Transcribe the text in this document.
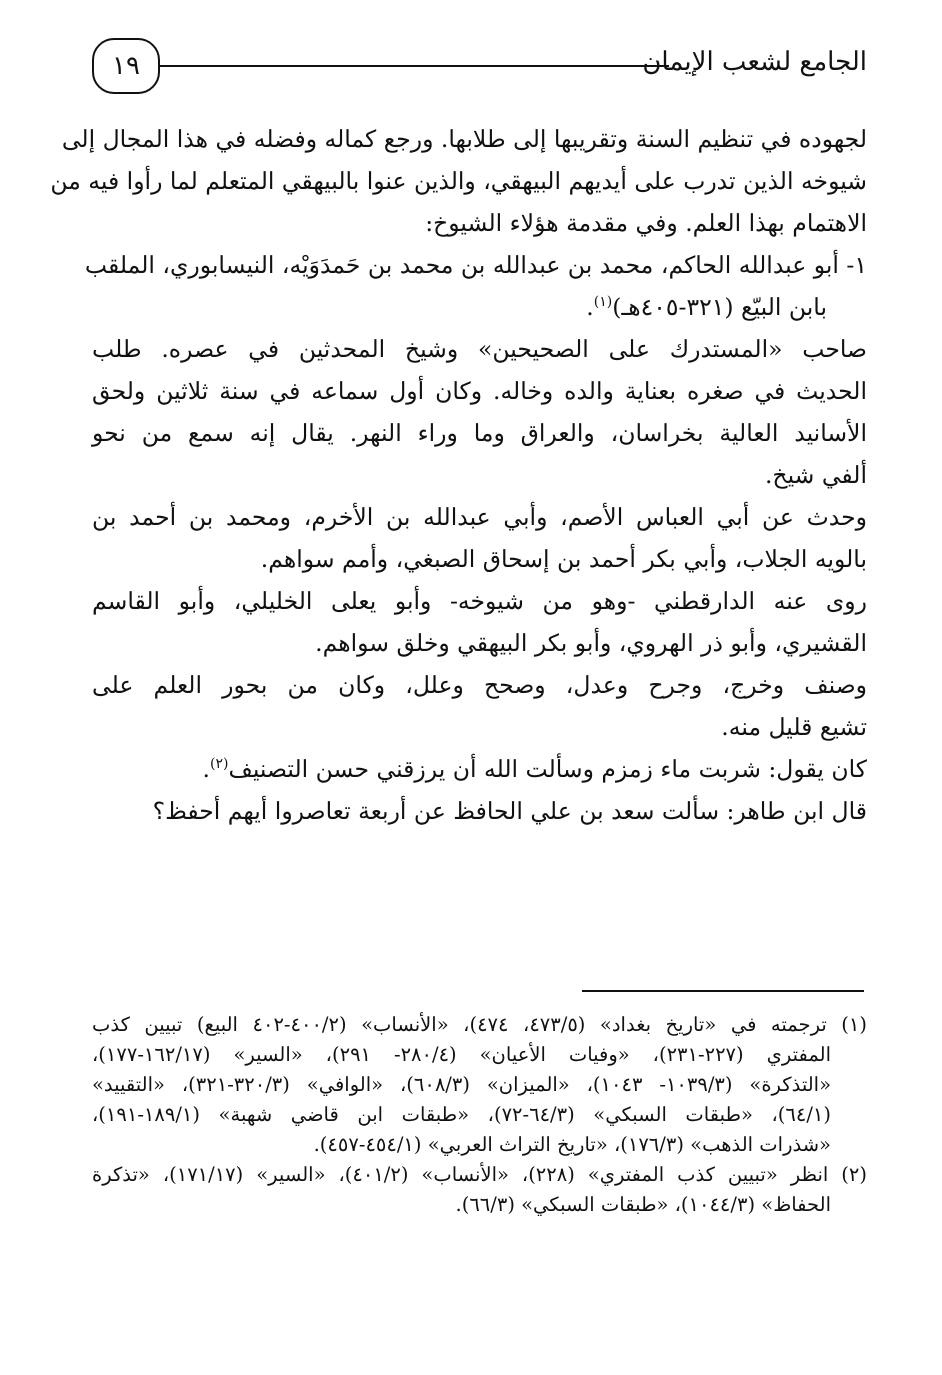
الجامع لشعب الإيمان
١٩
لجهوده في تنظيم السنة وتقريبها إلى طلابها. ورجع كماله وفضله في هذا المجال إلى
شيوخه الذين تدرب على أيديهم البيهقي، والذين عنوا بالبيهقي المتعلم لما رأوا فيه من
الاهتمام بهذا العلم. وفي مقدمة هؤلاء الشيوخ:
١- أبو عبدالله الحاكم، محمد بن عبدالله بن محمد بن حَمدَوَيْه، النيسابوري، الملقب
بابن البيّع (٣٢١-٤٠٥هـ)$^{(١)}$.
صاحب «المستدرك على الصحيحين» وشيخ المحدثين في عصره. طلب
الحديث في صغره بعناية والده وخاله. وكان أول سماعه في سنة ثلاثين ولحق
الأسانيد العالية بخراسان، والعراق وما وراء النهر. يقال إنه سمع من نحو
ألفي شيخ.
وحدث عن أبي العباس الأصم، وأبي عبدالله بن الأخرم، ومحمد بن أحمد بن
بالويه الجلاب، وأبي بكر أحمد بن إسحاق الصبغي، وأمم سواهم.
روى عنه الدارقطني -وهو من شيوخه- وأبو يعلى الخليلي، وأبو القاسم
القشيري، وأبو ذر الهروي، وأبو بكر البيهقي وخلق سواهم.
وصنف وخرج، وجرح وعدل، وصحح وعلل، وكان من بحور العلم على
تشيع قليل منه.
كان يقول: شربت ماء زمزم وسألت الله أن يرزقني حسن التصنيف$^{(٢)}$.
قال ابن طاهر: سألت سعد بن علي الحافظ عن أربعة تعاصروا أيهم أحفظ؟
(١) ترجمته في «تاريخ بغداد» (٤٧٣/٥، ٤٧٤)، «الأنساب» (٤٠٠/٢-٤٠٢ البيع) تبيين كذب
المفتري (٢٢٧-٢٣١)، «وفيات الأعيان» (٢٨٠/٤- ٢٩١)، «السير» (١٦٢/١٧-١٧٧)،
«التذكرة» (١٠٣٩/٣- ١٠٤٣)، «الميزان» (٦٠٨/٣)، «الوافي» (٣٢٠/٣-٣٢١)، «التقييد»
(٦٤/١)، «طبقات السبكي» (٦٤/٣-٧٢)، «طبقات ابن قاضي شهبة» (١٨٩/١-١٩١)،
«شذرات الذهب» (١٧٦/٣)، «تاريخ التراث العربي» (٤٥٤/١-٤٥٧).
(٢) انظر «تبيين كذب المفتري» (٢٢٨)، «الأنساب» (٤٠١/٢)، «السير» (١٧١/١٧)، «تذكرة
الحفاظ» (١٠٤٤/٣)، «طبقات السبكي» (٦٦/٣).
